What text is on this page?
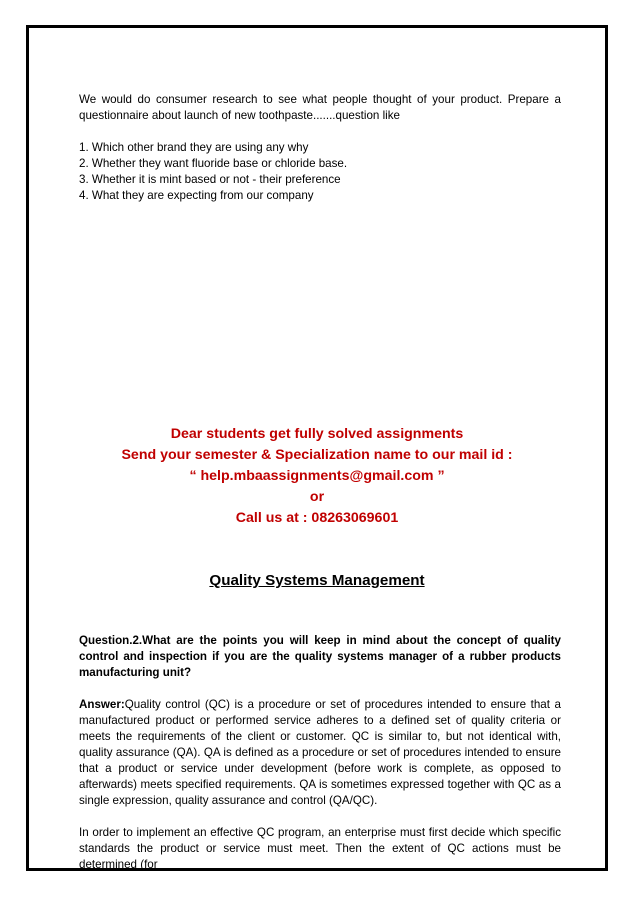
We would do consumer research to see what people thought of your product. Prepare a questionnaire about launch of new toothpaste.......question like

1. Which other brand they are using any why
2. Whether they want fluoride base or chloride base.
3. Whether it is mint based or not - their preference
4. What they are expecting from our company
Dear students get fully solved assignments
Send your semester & Specialization name to our mail id :
“ help.mbaassignments@gmail.com ”
or
Call us at : 08263069601
Quality Systems Management

Question.2.What are the points you will keep in mind about the concept of quality control and inspection if you are the quality systems manager of a rubber products manufacturing unit?

Answer:Quality control (QC) is a procedure or set of procedures intended to ensure that a manufactured product or performed service adheres to a defined set of quality criteria or meets the requirements of the client or customer. QC is similar to, but not identical with, quality assurance (QA). QA is defined as a procedure or set of procedures intended to ensure that a product or service under development (before work is complete, as opposed to afterwards) meets specified requirements. QA is sometimes expressed together with QC as a single expression, quality assurance and control (QA/QC).

In order to implement an effective QC program, an enterprise must first decide which specific standards the product or service must meet. Then the extent of QC actions must be determined (for
